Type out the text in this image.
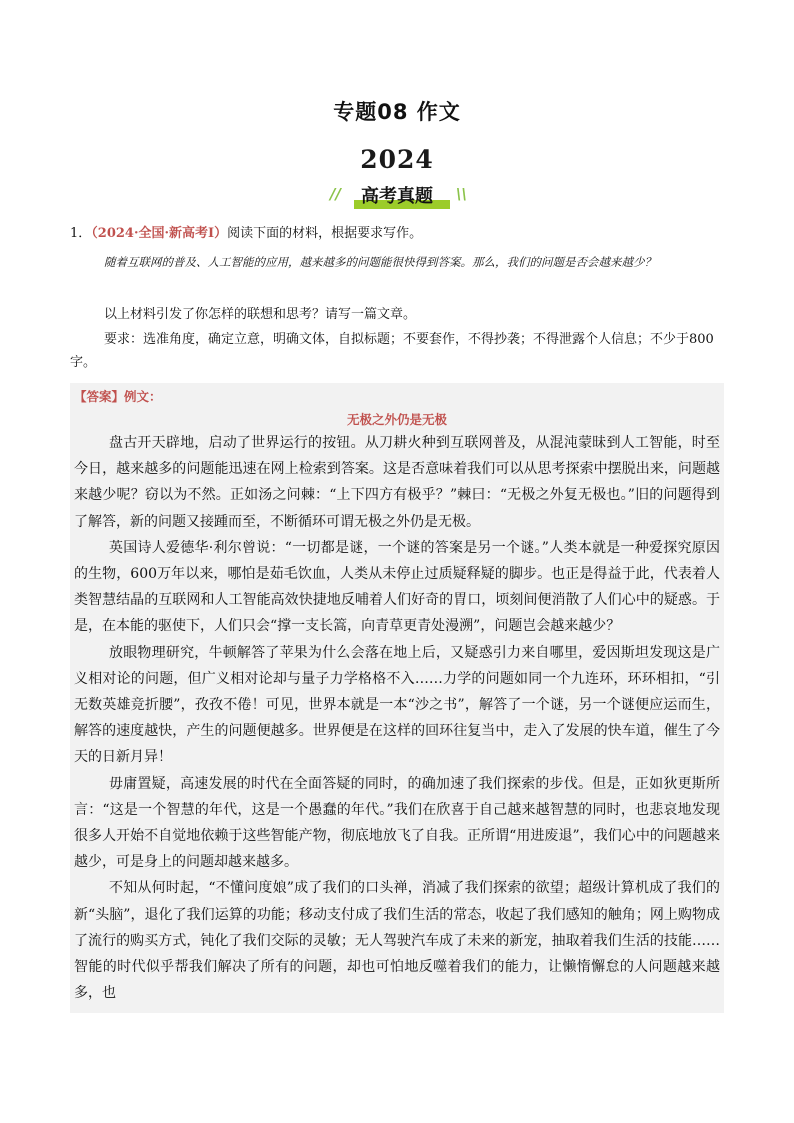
专题08 作文
2024
//	高考真题	\\
1．（2024·全国·新高考Ⅰ）阅读下面的材料，根据要求写作。
随着互联网的普及、人工智能的应用，越来越多的问题能很快得到答案。那么，我们的问题是否会越来越少？
以上材料引发了你怎样的联想和思考？请写一篇文章。
要求：选准角度，确定立意，明确文体，自拟标题；不要套作，不得抄袭；不得泄露个人信息；不少于800字。
【答案】例文：
无极之外仍是无极

盘古开天辟地，启动了世界运行的按钮。从刀耕火种到互联网普及，从混沌蒙昧到人工智能，时至今日，越来越多的问题能迅速在网上检索到答案。这是否意味着我们可以从思考探索中摆脱出来，问题越来越少呢？窃以为不然。正如汤之问棘：“上下四方有极乎？”棘曰：“无极之外复无极也。”旧的问题得到了解答，新的问题又接踵而至，不断循环可谓无极之外仍是无极。

英国诗人爱德华·利尔曾说：“一切都是谜，一个谜的答案是另一个谜。”人类本就是一种爱探究原因的生物，600万年以来，哪怕是茹毛饮血，人类从未停止过质疑释疑的脚步。也正是得益于此，代表着人类智慧结晶的互联网和人工智能高效快捷地反哺着人们好奇的胃口，顷刻间便消散了人们心中的疑惑。于是，在本能的驱使下，人们只会“撑一支长篙，向青草更青处漫溯”，问题岂会越来越少？

放眼物理研究，牛顿解答了苹果为什么会落在地上后，又疑惑引力来自哪里，爱因斯坦发现这是广义相对论的问题，但广义相对论却与量子力学格格不入……力学的问题如同一个九连环，环环相扣，“引无数英雄竞折腰”，孜孜不倦！可见，世界本就是一本“沙之书”，解答了一个谜，另一个谜便应运而生，解答的速度越快，产生的问题便越多。世界便是在这样的回环往复当中，走入了发展的快车道，催生了今天的日新月异！

毋庸置疑，高速发展的时代在全面答疑的同时，的确加速了我们探索的步伐。但是，正如狄更斯所言：“这是一个智慧的年代，这是一个愚蠢的年代。”我们在欣喜于自己越来越智慧的同时，也悲哀地发现很多人开始不自觉地依赖于这些智能产物，彻底地放飞了自我。正所谓“用进废退”，我们心中的问题越来越少，可是身上的问题却越来越多。

不知从何时起，“不懂问度娘”成了我们的口头禅，消减了我们探索的欲望；超级计算机成了我们的新“头脑”，退化了我们运算的功能；移动支付成了我们生活的常态，收起了我们感知的触角；网上购物成了流行的购买方式，钝化了我们交际的灵敏；无人驾驶汽车成了未来的新宠，抽取着我们生活的技能……智能的时代似乎帮我们解决了所有的问题，却也可怕地反噬着我们的能力，让懒惰懈怠的人问题越来越多，也
